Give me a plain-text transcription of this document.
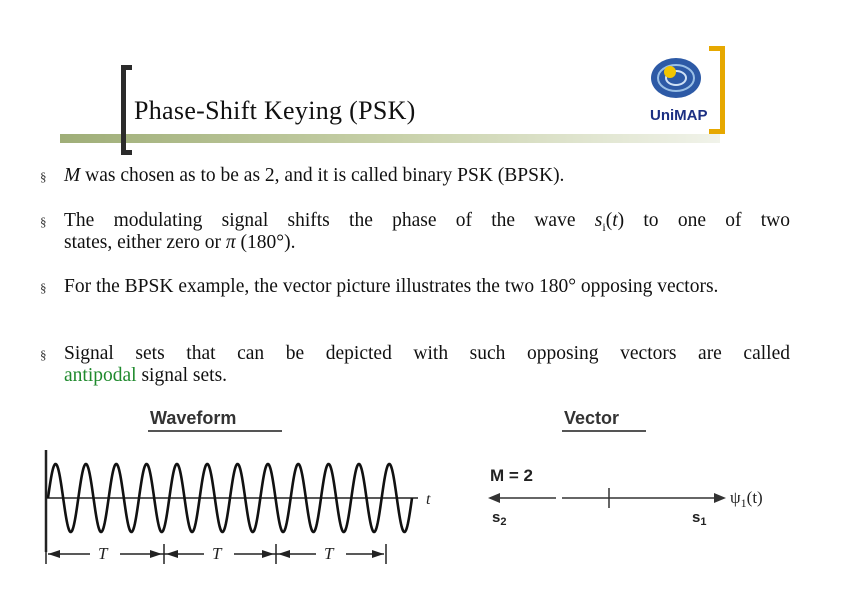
Phase-Shift Keying (PSK)	UniMAP
§ M was chosen as to be as 2, and it is called binary PSK (BPSK).
§ The modulating signal shifts the phase of the wave $s_i(t)$ to one of two
states, either zero or π (180°).
§ For the BPSK example, the vector picture illustrates the two 180° opposing vectors.
§ Signal sets that can be depicted with such opposing vectors are called
antipodal signal sets.
Waveform	Vector
t
T	T	T
M = 2
$s_2$	$s_1$
$\psi_1(t)$
